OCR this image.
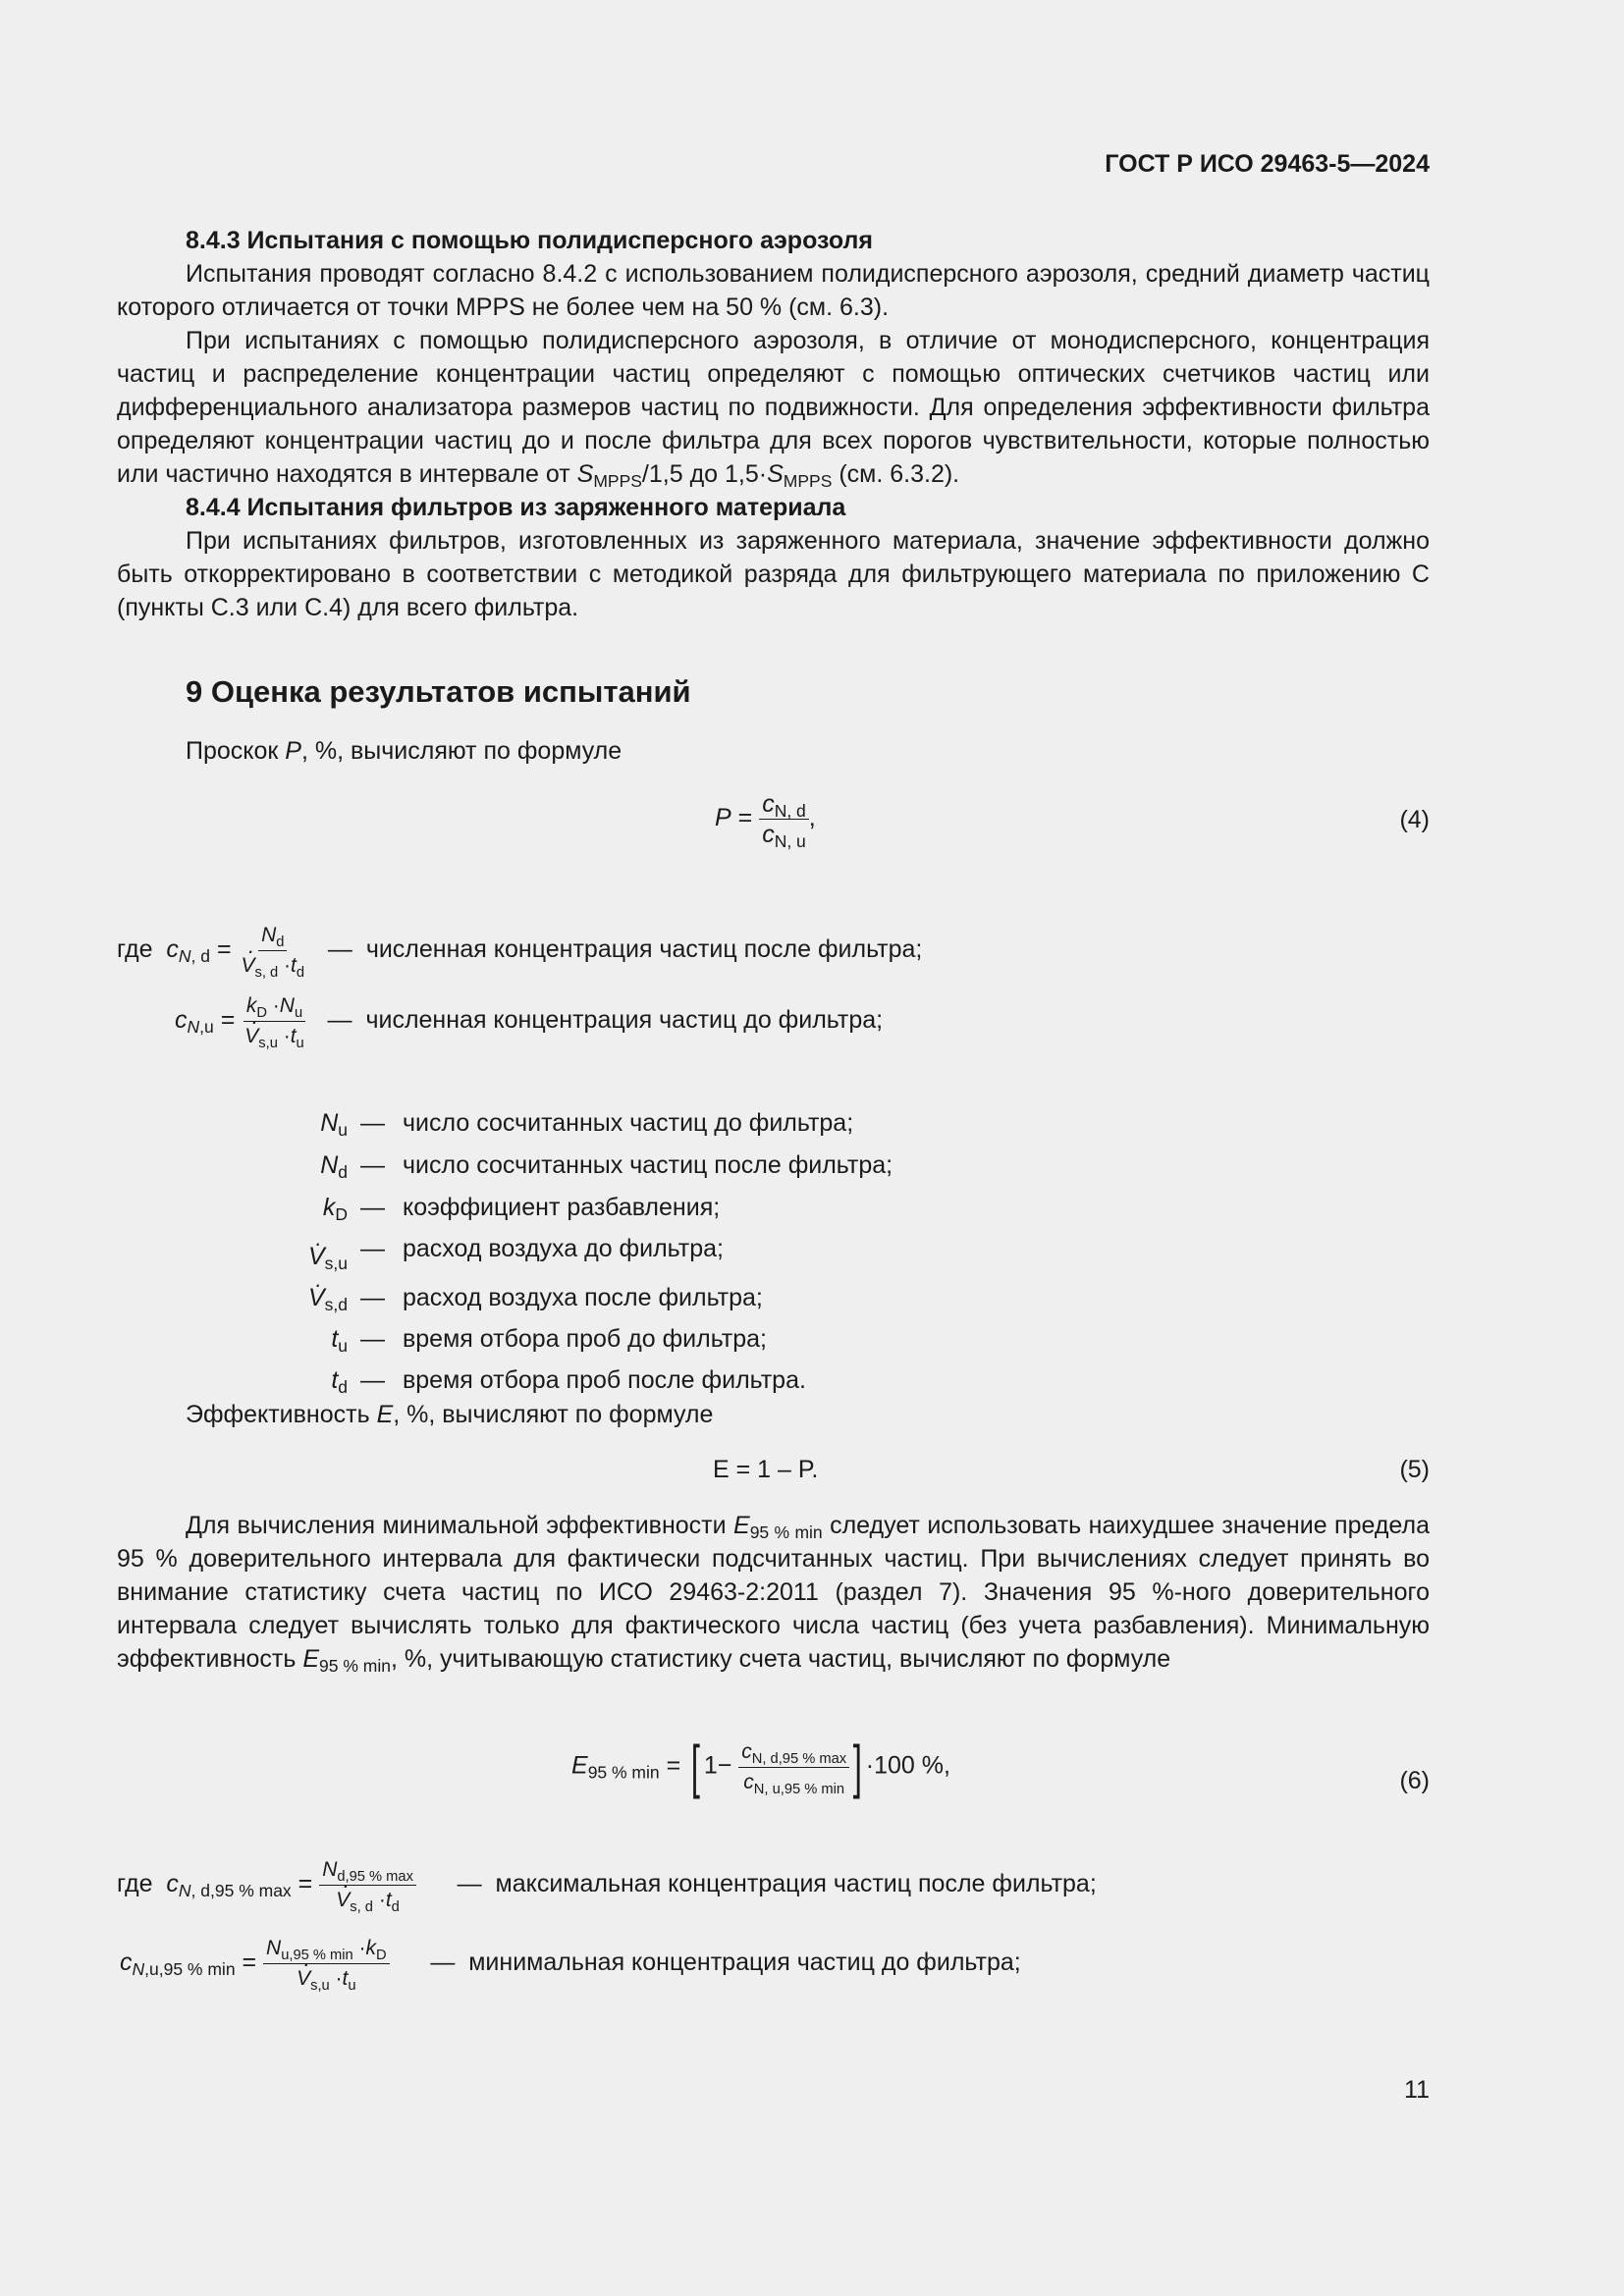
ГОСТ Р ИСО 29463-5—2024

8.4.3 Испытания с помощью полидисперсного аэрозоля

Испытания проводят согласно 8.4.2 с использованием полидисперсного аэрозоля, средний диаметр частиц которого отличается от точки MPPS не более чем на 50 % (см. 6.3).

При испытаниях с помощью полидисперсного аэрозоля, в отличие от монодисперсного, концентрация частиц и распределение концентрации частиц определяют с помощью оптических счетчиков частиц или дифференциального анализатора размеров частиц по подвижности. Для определения эффективности фильтра определяют концентрации частиц до и после фильтра для всех порогов чувствительности, которые полностью или частично находятся в интервале от $S_{MPPS}/1,5$ до $1,5\cdot S_{MPPS}$ (см. 6.3.2).

8.4.4 Испытания фильтров из заряженного материала

При испытаниях фильтров, изготовленных из заряженного материала, значение эффективности должно быть откорректировано в соответствии с методикой разряда для фильтрующего материала по приложению С (пункты С.3 или С.4) для всего фильтра.

9 Оценка результатов испытаний

Проскок P, %, вычисляют по формуле

$P = \frac{c_{N, d}}{c_{N, u}}$ ,	(4)
где $c_{N, d} = N_d$
· $V_{s, d} \cdot t_d$ — численная концентрация частиц после фильтра;
$c_{N,u} = k_D \cdot N_u$
· $V_{s,u} \cdot t_u$ — численная концентрация частиц до фильтра;
$N_u$ — число сосчитанных частиц до фильтра;
$N_d$ — число сосчитанных частиц после фильтра;
$k_D$ — коэффициент разбавления;
· $V_{s,u}$
— расход воздуха до фильтра;
· $V_{s,d}$ — расход воздуха после фильтра;
$t_u$ — время отбора проб до фильтра;
$t_d$ — время отбора проб после фильтра.

Эффективность E, %, вычисляют по формуле

E = 1 – P.	(5)

Для вычисления минимальной эффективности $E_{95 \% min}$ следует использовать наихудшее значение предела 95 % доверительного интервала для фактически подсчитанных частиц. При вычислениях следует принять во внимание статистику счета частиц по ИСО 29463-2:2011 (раздел 7). Значения 95 %-ного доверительного интервала следует вычислять только для фактического числа частиц (без учета разбавления). Минимальную эффективность $E_{95 \% min}$, %, учитывающую статистику счета частиц, вычисляют по формуле

$E_{95 \% min}$ = [ $1- \frac{c_{N, d,95 \% max}}{c_{N, u,95 \% min}}$ ] ·100 %,
(6)
где $c_{N, d,95 \% max} = N_{d,95 \% max}$
· $V_{s, d} \cdot t_d$ — максимальная концентрация частиц после фильтра;
$c_{N,u,95 \% min} = N_{u,95 \% min} \cdot k_D$
· $V_{s,u} \cdot t_u$ — минимальная концентрация частиц до фильтра;
11
